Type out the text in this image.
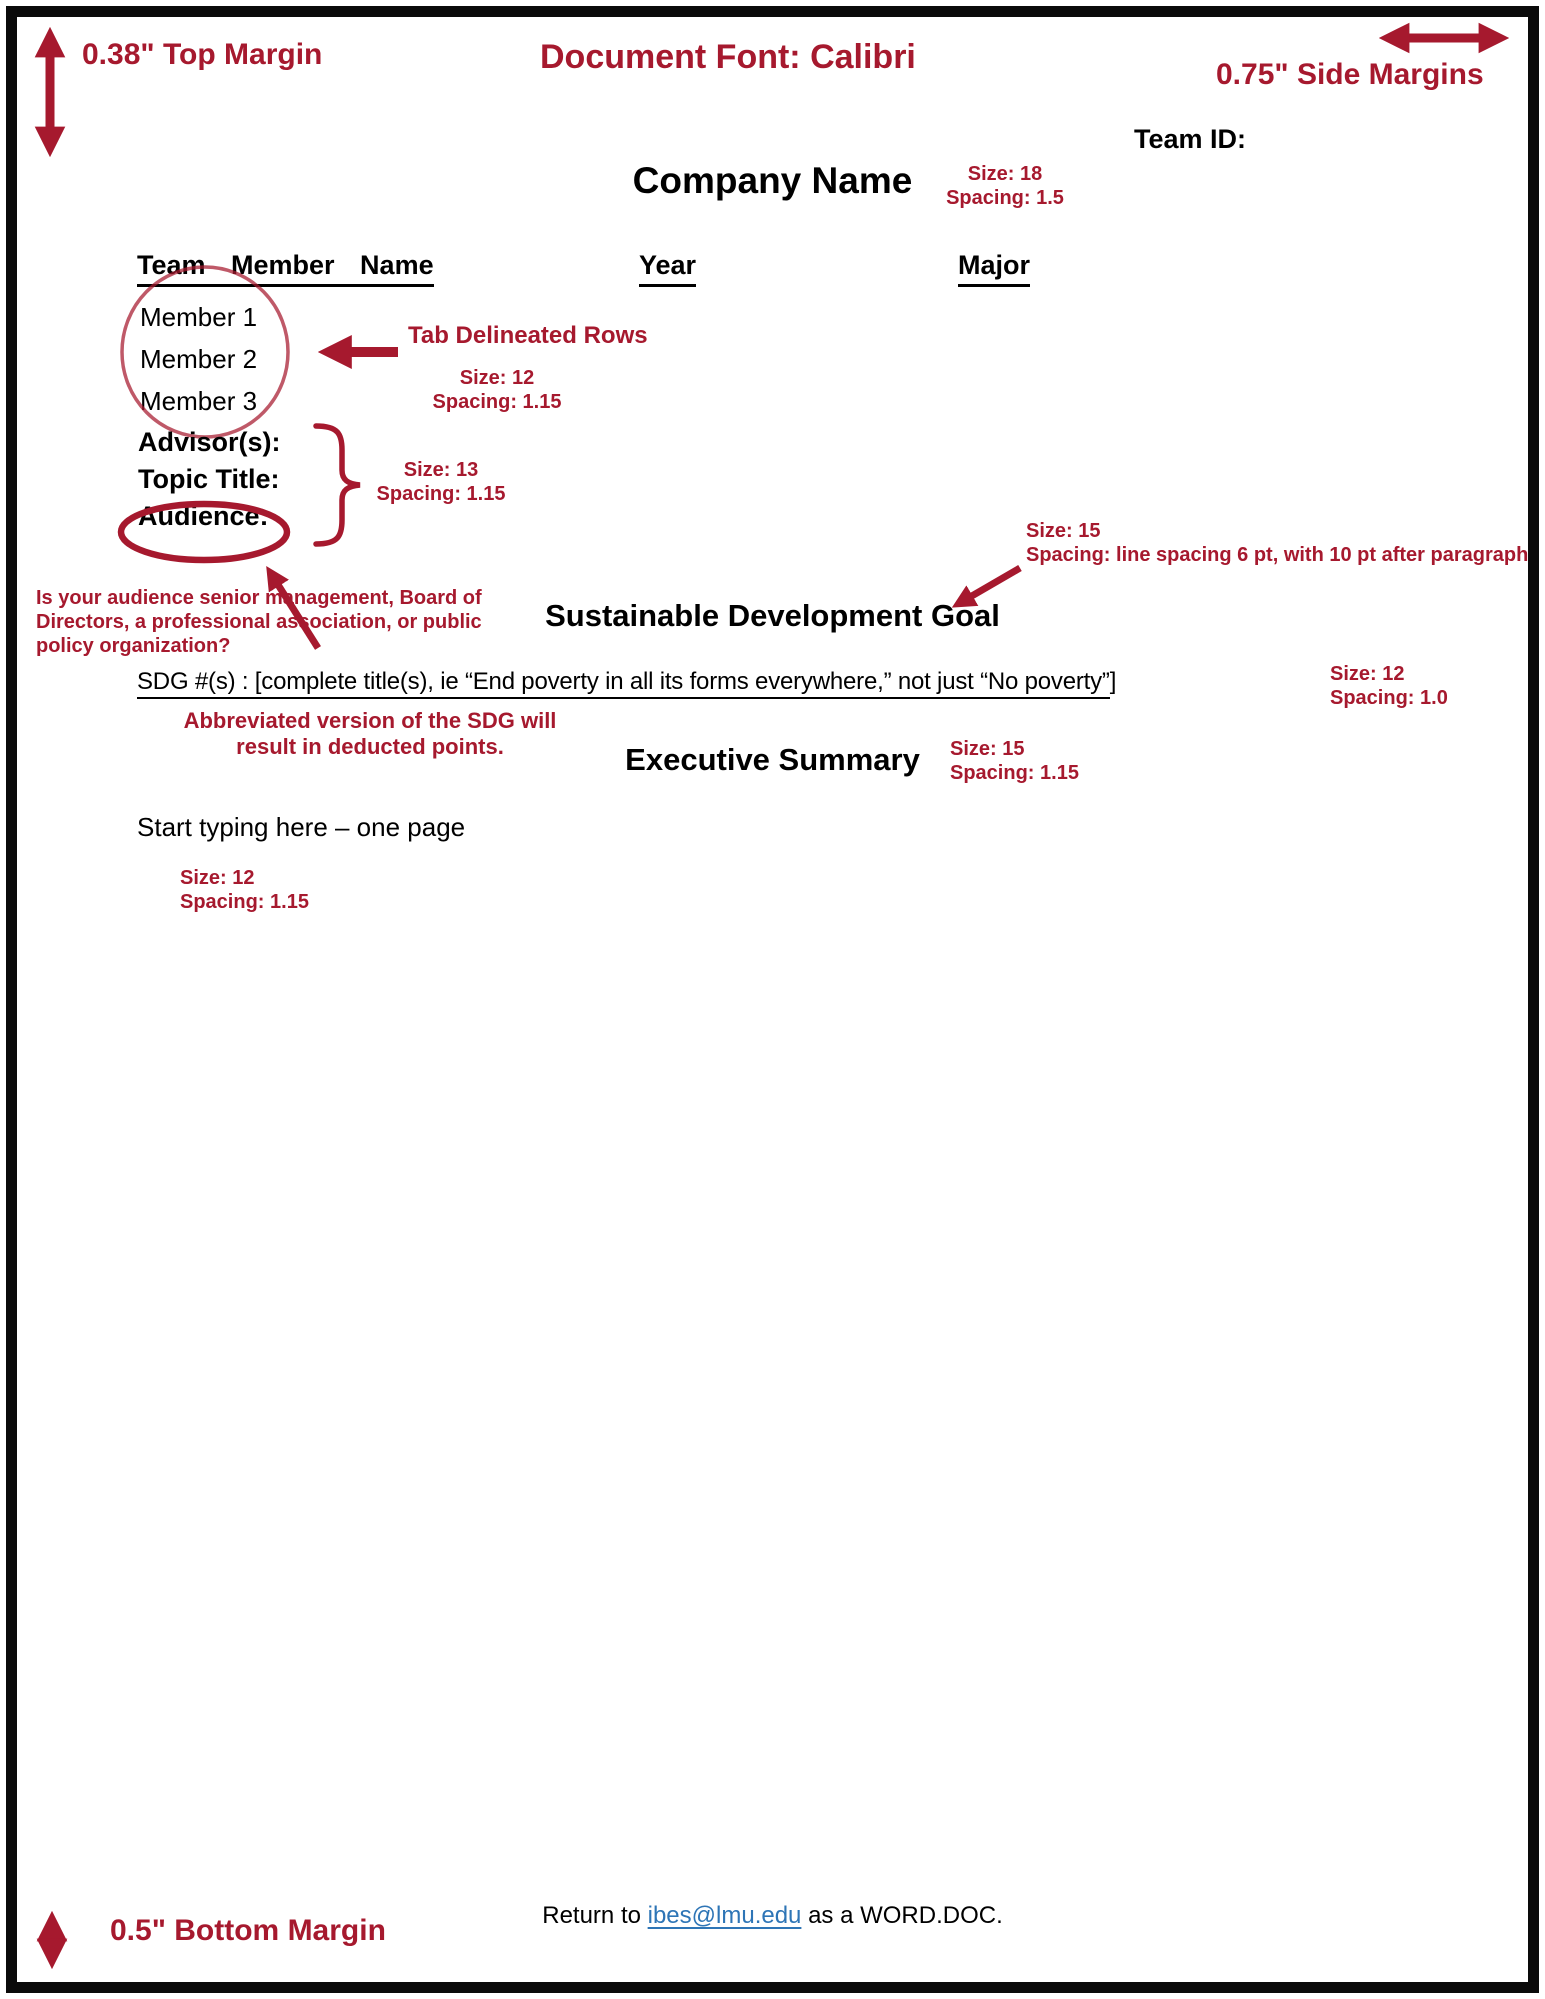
0.38" Top Margin	Document Font: Calibri	0.75" Side Margins
Team ID:
Company Name	Size: 18
Spacing: 1.5
Team Member Name	Year	Major
Member 1
Member 2
Member 3
Tab Delineated Rows
Size: 12
Spacing: 1.15
Advisor(s):
Topic Title:
Audience:
Size: 13
Spacing: 1.15
Is your audience senior management, Board of
Directors, a professional association, or public
policy organization?
Size: 15
Spacing: line spacing 6 pt, with 10 pt after paragraph
Sustainable Development Goal
SDG #(s) : [complete title(s), ie “End poverty in all its forms everywhere,” not just “No poverty”]	Size: 12
Spacing: 1.0
Abbreviated version of the SDG will
result in deducted points.	Executive Summary	Size: 15
Spacing: 1.15
Start typing here – one page
Size: 12
Spacing: 1.15
Return to ibes@lmu.edu as a WORD.DOC.
0.5" Bottom Margin
